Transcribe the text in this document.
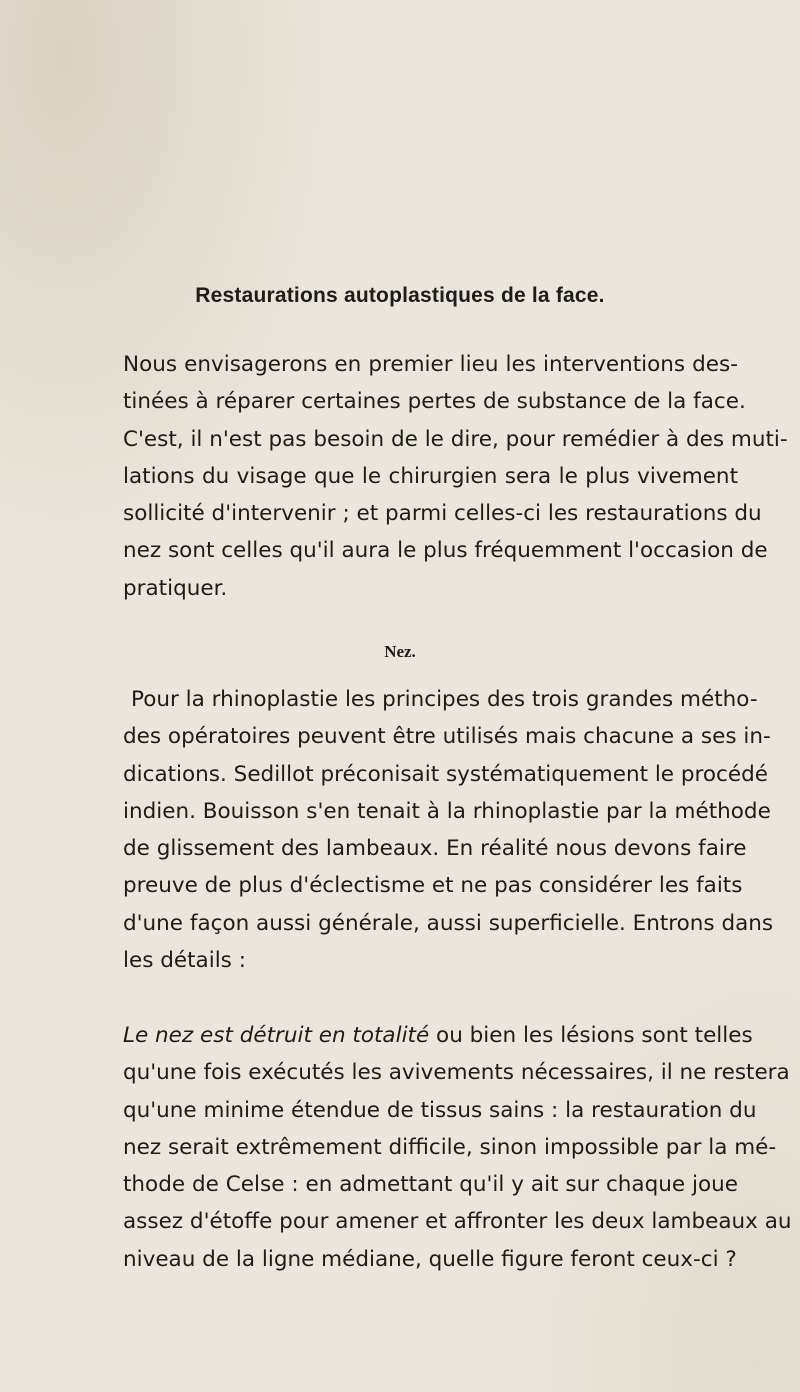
Restaurations autoplastiques de la face.

Nous envisagerons en premier lieu les interventions des-
tinées à réparer certaines pertes de substance de la face.
C'est, il n'est pas besoin de le dire, pour remédier à des muti-
lations du visage que le chirurgien sera le plus vivement
sollicité d'intervenir ; et parmi celles-ci les restaurations du
nez sont celles qu'il aura le plus fréquemment l'occasion de
pratiquer.

Nez.

Pour la rhinoplastie les principes des trois grandes métho-
des opératoires peuvent être utilisés mais chacune a ses in-
dications. Sedillot préconisait systématiquement le procédé
indien. Bouisson s'en tenait à la rhinoplastie par la méthode
de glissement des lambeaux. En réalité nous devons faire
preuve de plus d'éclectisme et ne pas considérer les faits
d'une façon aussi générale, aussi superficielle. Entrons dans
les détails :

Le nez est détruit en totalité ou bien les lésions sont telles
qu'une fois exécutés les avivements nécessaires, il ne restera
qu'une minime étendue de tissus sains : la restauration du
nez serait extrêmement difficile, sinon impossible par la mé-
thode de Celse : en admettant qu'il y ait sur chaque joue
assez d'étoffe pour amener et affronter les deux lambeaux au
niveau de la ligne médiane, quelle figure feront ceux-ci ?
